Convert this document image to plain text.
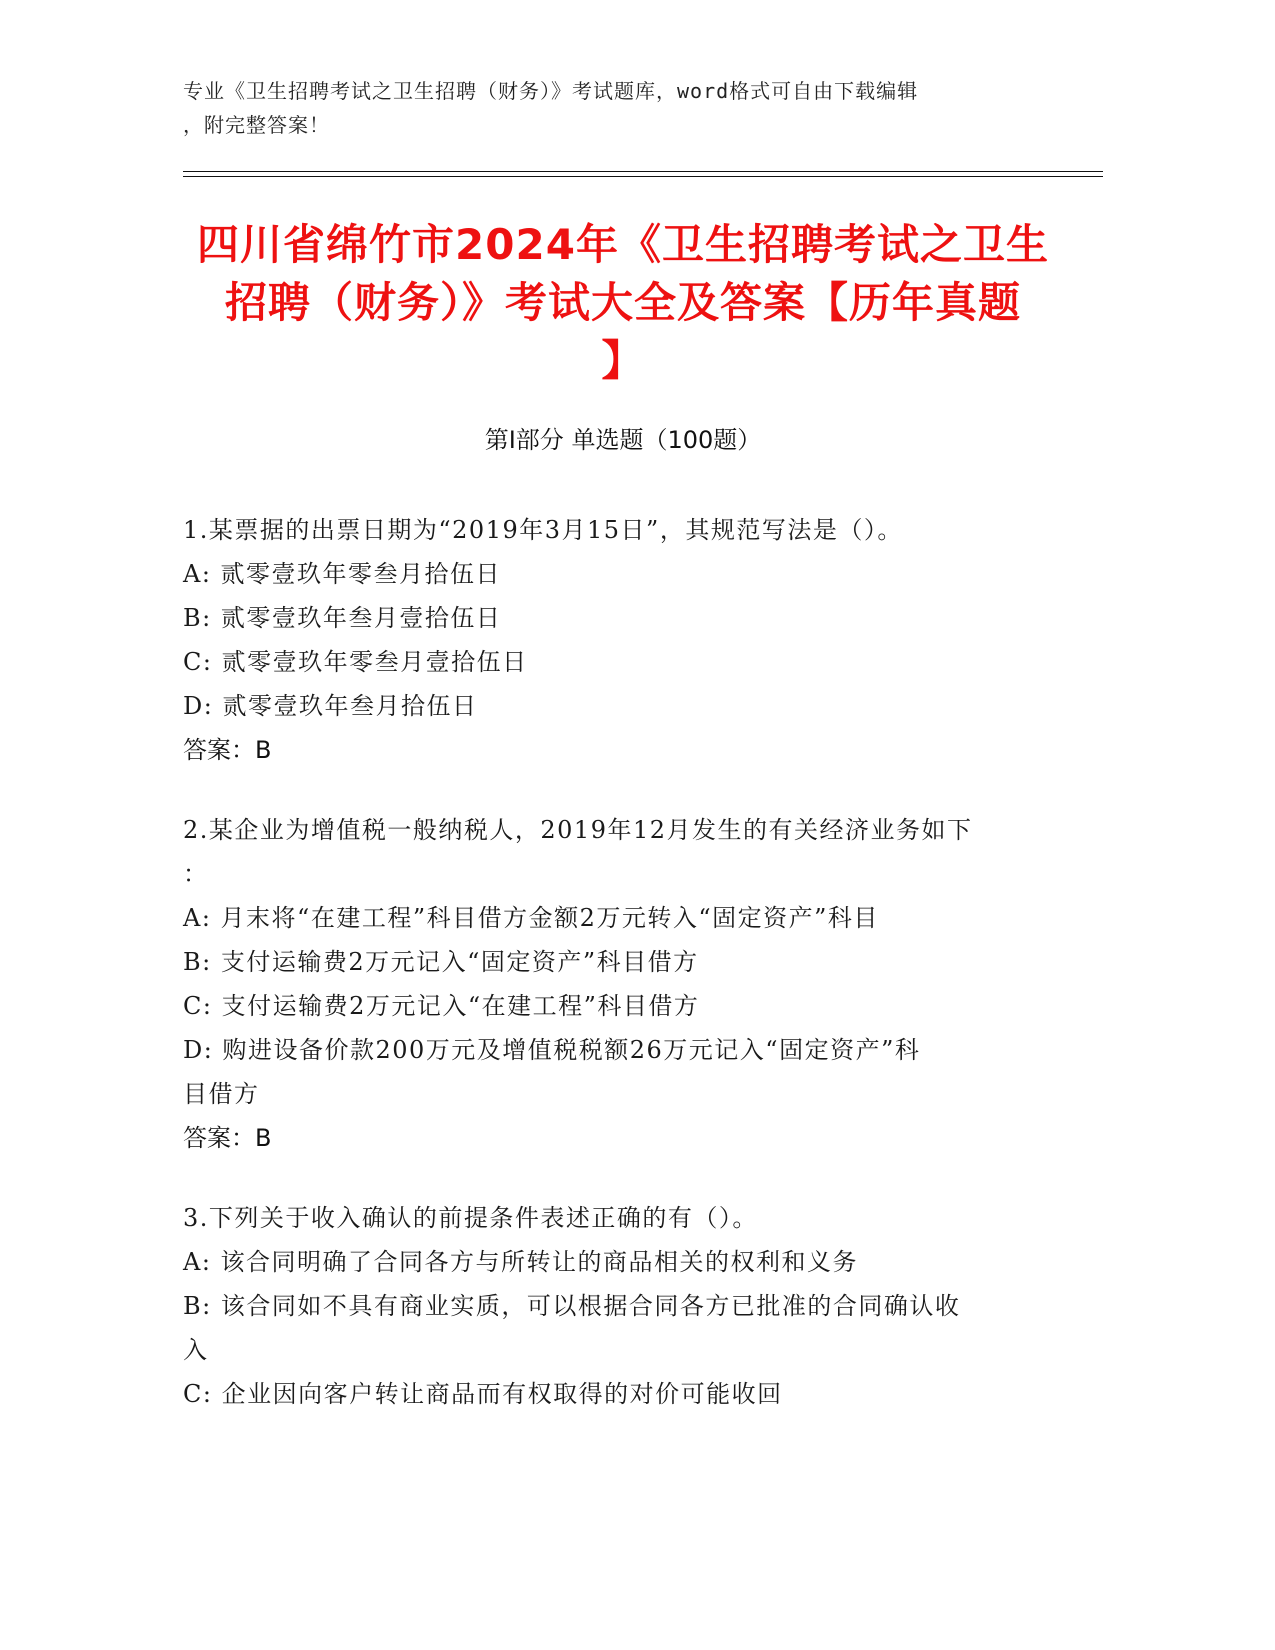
专业《卫生招聘考试之卫生招聘（财务）》考试题库，word格式可自由下载编辑
，附完整答案！
四川省绵竹市2024年《卫生招聘考试之卫生
招聘（财务）》考试大全及答案【历年真题
】
第Ⅰ部分 单选题（100题）
1.某票据的出票日期为“2019年3月15日”，其规范写法是（）。
A: 贰零壹玖年零叁月拾伍日
B: 贰零壹玖年叁月壹拾伍日
C: 贰零壹玖年零叁月壹拾伍日
D: 贰零壹玖年叁月拾伍日
答案：B
2.某企业为增值税一般纳税人，2019年12月发生的有关经济业务如下
：
A: 月末将“在建工程”科目借方金额2万元转入“固定资产”科目
B: 支付运输费2万元记入“固定资产”科目借方
C: 支付运输费2万元记入“在建工程”科目借方
D: 购进设备价款200万元及增值税税额26万元记入“固定资产”科
目借方
答案：B
3.下列关于收入确认的前提条件表述正确的有（）。
A: 该合同明确了合同各方与所转让的商品相关的权利和义务
B: 该合同如不具有商业实质，可以根据合同各方已批准的合同确认收
入
C: 企业因向客户转让商品而有权取得的对价可能收回
